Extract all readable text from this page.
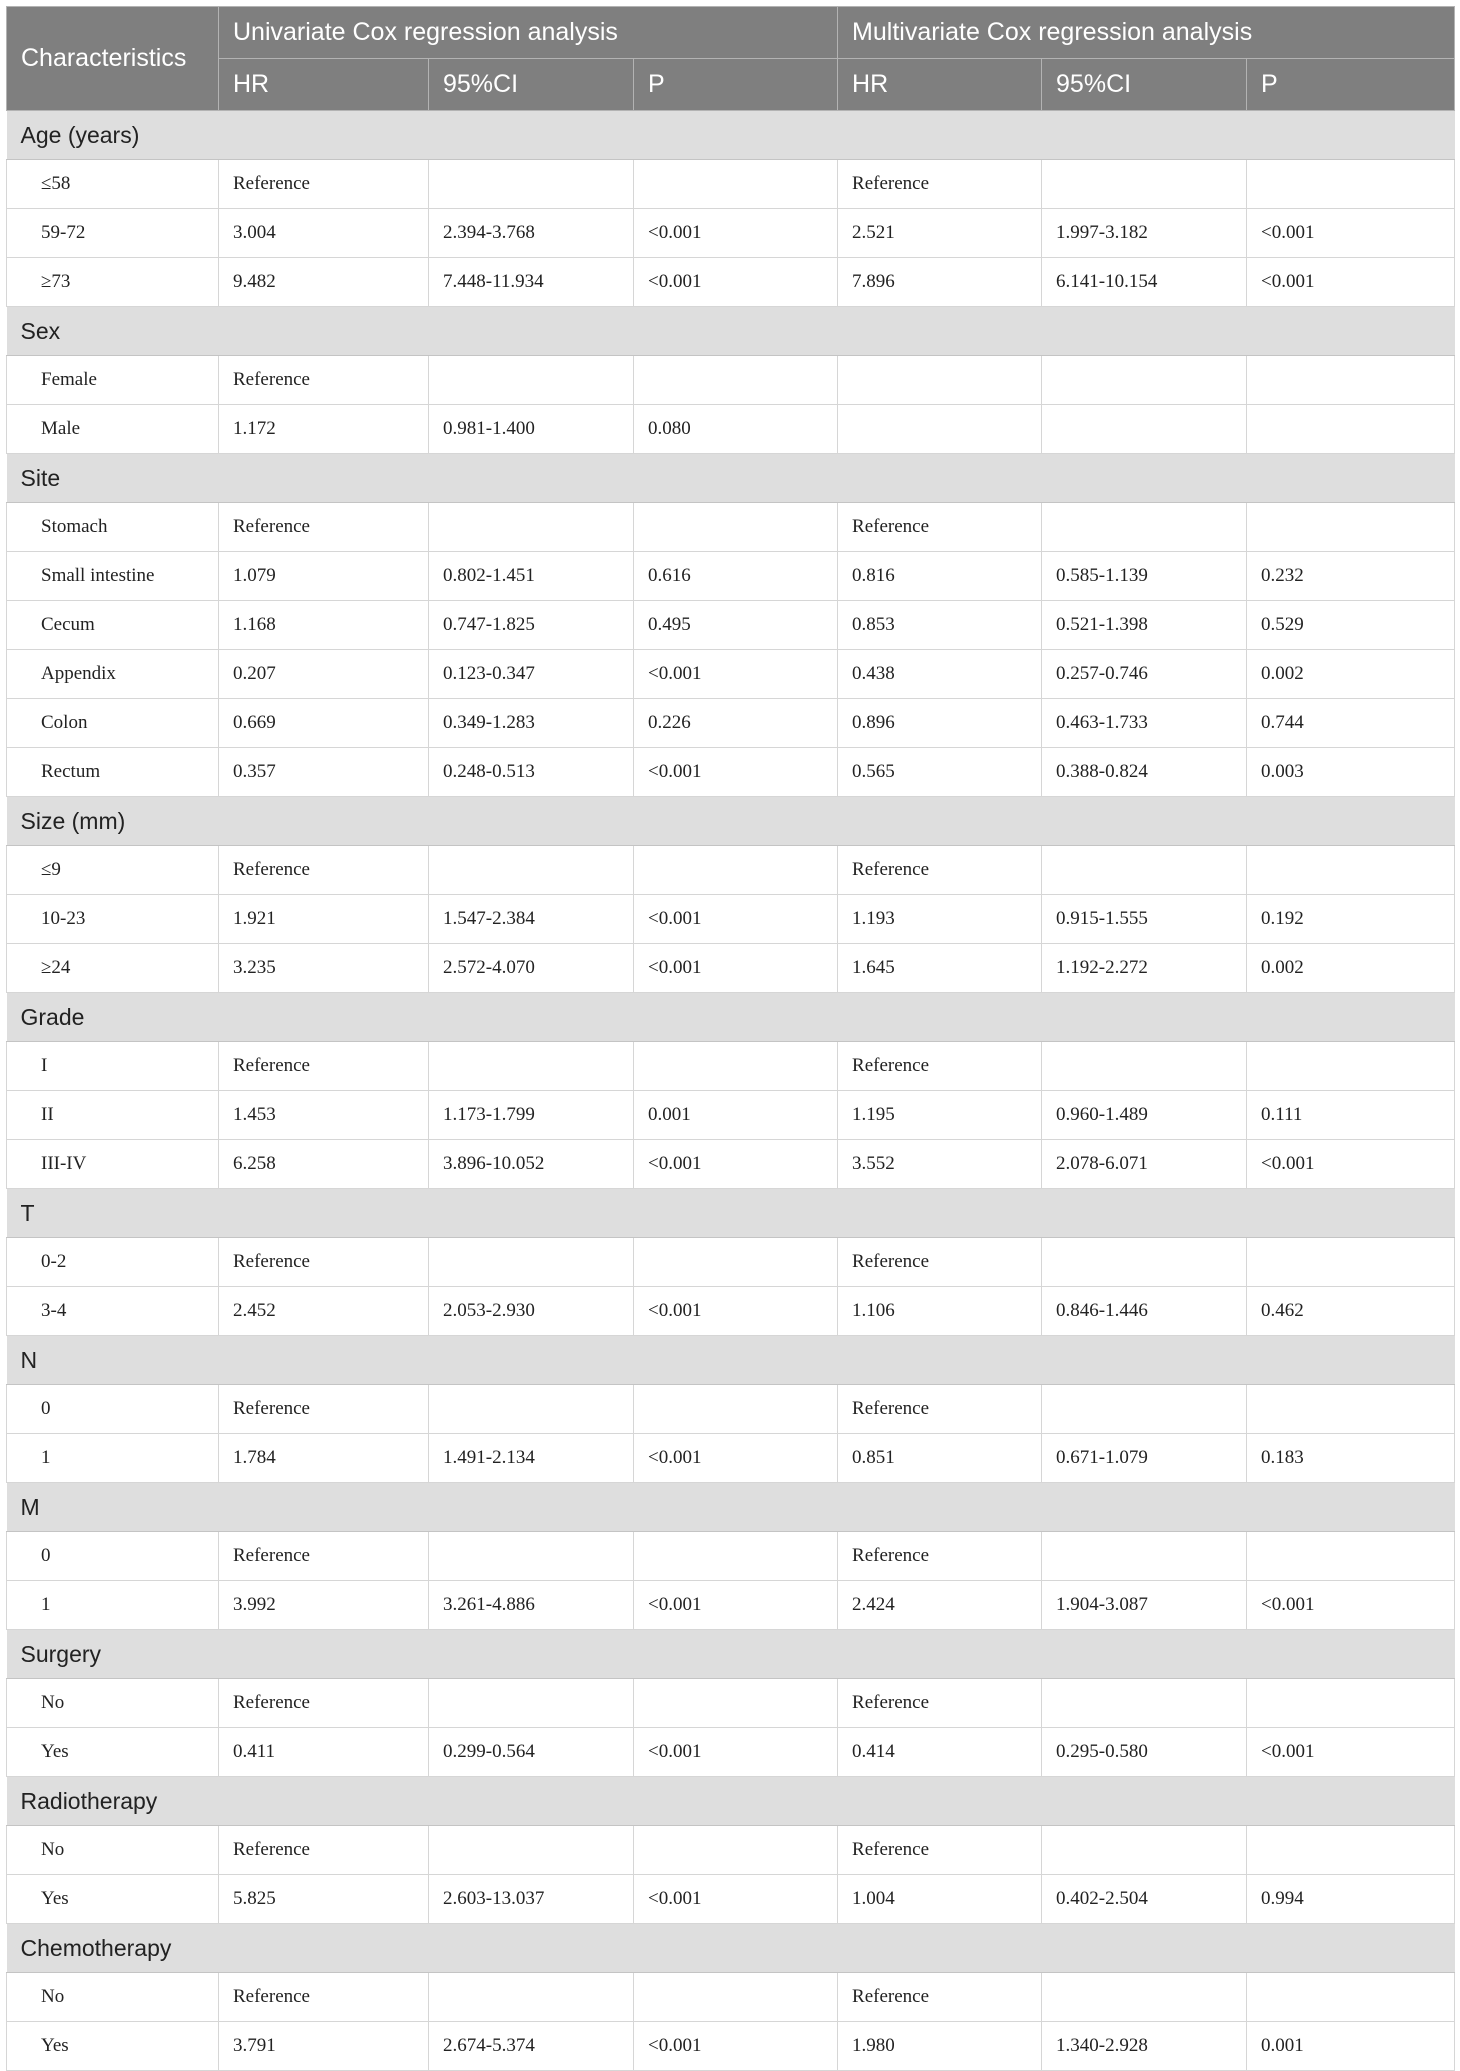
Characteristics	Univariate Cox regression analysis			Multivariate Cox regression analysis		
	HR	95%CI	P	HR	95%CI	P
Age (years)						
≤58	Reference			Reference		
59-72	3.004	2.394-3.768	<0.001	2.521	1.997-3.182	<0.001
≥73	9.482	7.448-11.934	<0.001	7.896	6.141-10.154	<0.001
Sex						
Female	Reference					
Male	1.172	0.981-1.400	0.080			
Site						
Stomach	Reference			Reference		
Small intestine	1.079	0.802-1.451	0.616	0.816	0.585-1.139	0.232
Cecum	1.168	0.747-1.825	0.495	0.853	0.521-1.398	0.529
Appendix	0.207	0.123-0.347	<0.001	0.438	0.257-0.746	0.002
Colon	0.669	0.349-1.283	0.226	0.896	0.463-1.733	0.744
Rectum	0.357	0.248-0.513	<0.001	0.565	0.388-0.824	0.003
Size (mm)						
≤9	Reference			Reference		
10-23	1.921	1.547-2.384	<0.001	1.193	0.915-1.555	0.192
≥24	3.235	2.572-4.070	<0.001	1.645	1.192-2.272	0.002
Grade						
I	Reference			Reference		
II	1.453	1.173-1.799	0.001	1.195	0.960-1.489	0.111
III-IV	6.258	3.896-10.052	<0.001	3.552	2.078-6.071	<0.001
T						
0-2	Reference			Reference		
3-4	2.452	2.053-2.930	<0.001	1.106	0.846-1.446	0.462
N						
0	Reference			Reference		
1	1.784	1.491-2.134	<0.001	0.851	0.671-1.079	0.183
M						
0	Reference			Reference		
1	3.992	3.261-4.886	<0.001	2.424	1.904-3.087	<0.001
Surgery						
No	Reference			Reference		
Yes	0.411	0.299-0.564	<0.001	0.414	0.295-0.580	<0.001
Radiotherapy						
No	Reference			Reference		
Yes	5.825	2.603-13.037	<0.001	1.004	0.402-2.504	0.994
Chemotherapy						
No	Reference			Reference		
Yes	3.791	2.674-5.374	<0.001	1.980	1.340-2.928	0.001
